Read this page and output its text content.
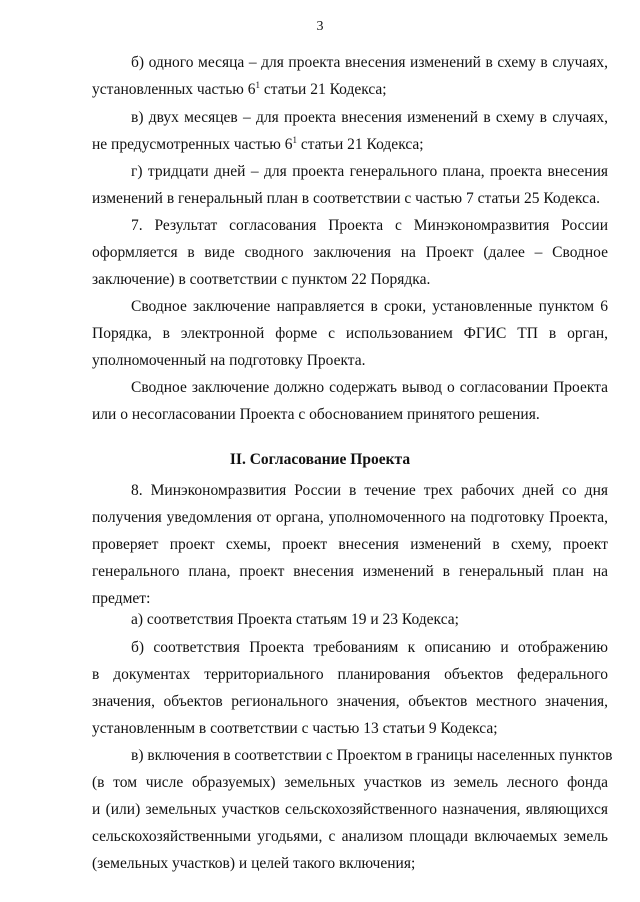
3
б) одного месяца – для проекта внесения изменений в схему в случаях,
установленных частью $6^1$ статьи 21 Кодекса;
в) двух месяцев – для проекта внесения изменений в схему в случаях,
не предусмотренных частью $6^1$ статьи 21 Кодекса;
г) тридцати дней – для проекта генерального плана, проекта внесения
изменений в генеральный план в соответствии с частью 7 статьи 25 Кодекса.
7. Результат согласования Проекта с Минэкономразвития России
оформляется в виде сводного заключения на Проект (далее – Сводное
заключение) в соответствии с пунктом 22 Порядка.
Сводное заключение направляется в сроки, установленные пунктом 6
Порядка, в электронной форме с использованием ФГИС ТП в орган,
уполномоченный на подготовку Проекта.
Сводное заключение должно содержать вывод о согласовании Проекта
или о несогласовании Проекта с обоснованием принятого решения.
II. Согласование Проекта
8. Минэкономразвития России в течение трех рабочих дней со дня
получения уведомления от органа, уполномоченного на подготовку Проекта,
проверяет проект схемы, проект внесения изменений в схему, проект
генерального плана, проект внесения изменений в генеральный план на
предмет:
а) соответствия Проекта статьям 19 и 23 Кодекса;
б) соответствия Проекта требованиям к описанию и отображению
в документах территориального планирования объектов федерального
значения, объектов регионального значения, объектов местного значения,
установленным в соответствии с частью 13 статьи 9 Кодекса;
в) включения в соответствии с Проектом в границы населенных пунктов
(в том числе образуемых) земельных участков из земель лесного фонда
и (или) земельных участков сельскохозяйственного назначения, являющихся
сельскохозяйственными угодьями, с анализом площади включаемых земель
(земельных участков) и целей такого включения;
